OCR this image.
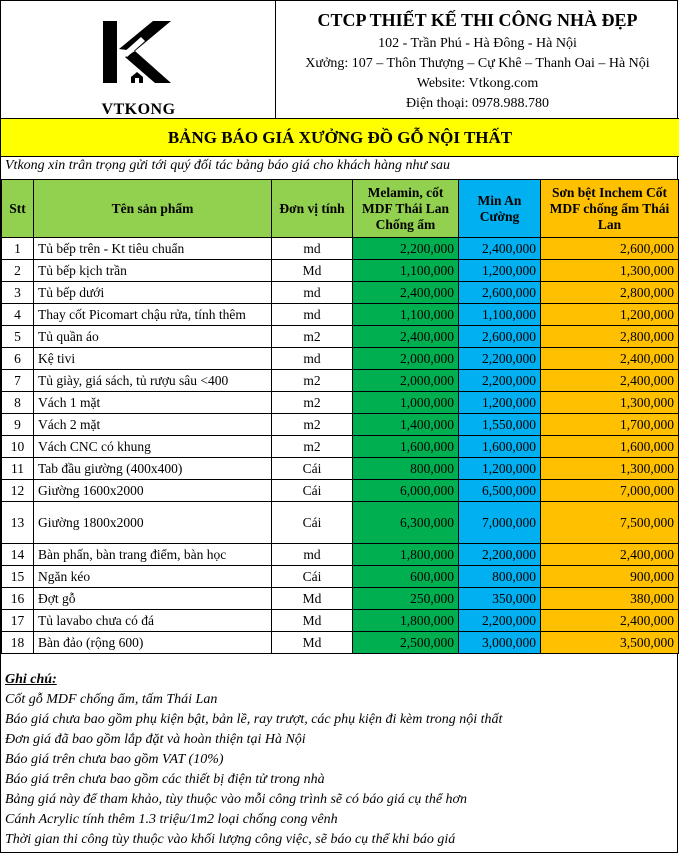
VTKONG
CTCP THIẾT KẾ THI CÔNG NHÀ ĐẸP
102 - Trần Phú - Hà Đông - Hà Nội
Xưởng: 107 – Thôn Thượng – Cự Khê – Thanh Oai – Hà Nội
Website: Vtkong.com
Điện thoại: 0978.988.780
BẢNG BÁO GIÁ XƯỞNG ĐỒ GỖ NỘI THẤT
Vtkong xin trân trọng gửi tới quý đối tác bảng báo giá cho khách hàng như sau
Stt	Tên sản phẩm	Đơn vị tính	Melamin, cốt MDF Thái Lan Chống ẩm	Min An Cường	Sơn bệt Inchem Cốt MDF chống ẩm Thái Lan
1	Tủ bếp trên - Kt tiêu chuẩn	md	2,200,000	2,400,000	2,600,000
2	Tủ bếp kịch trần	Md	1,100,000	1,200,000	1,300,000
3	Tủ bếp dưới	md	2,400,000	2,600,000	2,800,000
4	Thay cốt Picomart chậu rửa, tính thêm	md	1,100,000	1,100,000	1,200,000
5	Tủ quần áo	m2	2,400,000	2,600,000	2,800,000
6	Kệ tivi	md	2,000,000	2,200,000	2,400,000
7	Tủ giày, giá sách, tủ rượu sâu <400	m2	2,000,000	2,200,000	2,400,000
8	Vách 1 mặt	m2	1,000,000	1,200,000	1,300,000
9	Vách 2 mặt	m2	1,400,000	1,550,000	1,700,000
10	Vách CNC có khung	m2	1,600,000	1,600,000	1,600,000
11	Tab đầu giường (400x400)	Cái	800,000	1,200,000	1,300,000
12	Giường 1600x2000	Cái	6,000,000	6,500,000	7,000,000
13	Giường 1800x2000	Cái	6,300,000	7,000,000	7,500,000
14	Bàn phấn, bàn trang điểm, bàn học	md	1,800,000	2,200,000	2,400,000
15	Ngăn kéo	Cái	600,000	800,000	900,000
16	Đợt gỗ	Md	250,000	350,000	380,000
17	Tủ lavabo chưa có đá	Md	1,800,000	2,200,000	2,400,000
18	Bàn đảo (rộng 600)	Md	2,500,000	3,000,000	3,500,000
Ghi chú:
Cốt gỗ MDF chống ẩm, tấm Thái Lan
Báo giá chưa bao gồm phụ kiện bật, bản lề, ray trượt, các phụ kiện đi kèm trong nội thất
Đơn giá đã bao gồm lắp đặt và hoàn thiện tại Hà Nội
Báo giá trên chưa bao gồm VAT (10%)
Báo giá trên chưa bao gồm các thiết bị điện tử trong nhà
Bảng giá này để tham khảo, tùy thuộc vào mỗi công trình sẽ có báo giá cụ thể hơn
Cánh Acrylic tính thêm 1.3 triệu/1m2 loại chống cong vênh
Thời gian thi công tùy thuộc vào khối lượng công việc, sẽ báo cụ thể khi báo giá
